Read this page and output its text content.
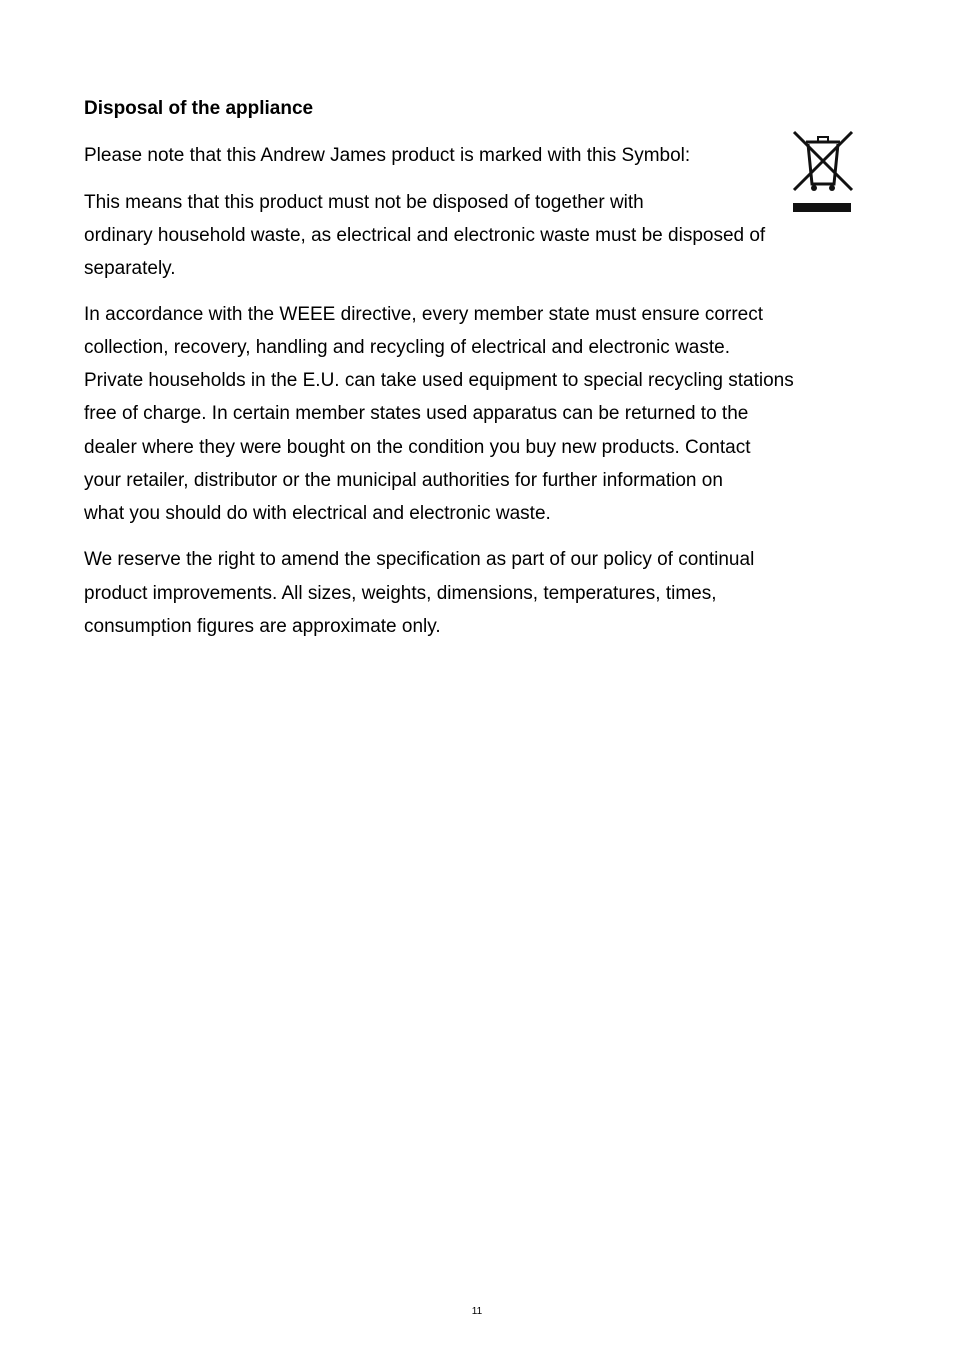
Disposal of the appliance
Please note that this Andrew James product is marked with this Symbol:
This means that this product must not be disposed of together with
ordinary household waste, as electrical and electronic waste must be disposed of
separately.
In accordance with the WEEE directive, every member state must ensure correct
collection, recovery, handling and recycling of electrical and electronic waste.
Private households in the E.U. can take used equipment to special recycling stations
free of charge. In certain member states used apparatus can be returned to the
dealer where they were bought on the condition you buy new products. Contact
your retailer, distributor or the municipal authorities for further information on
what you should do with electrical and electronic waste.
We reserve the right to amend the specification as part of our policy of continual
product improvements. All sizes, weights, dimensions, temperatures, times,
consumption figures are approximate only.
11
